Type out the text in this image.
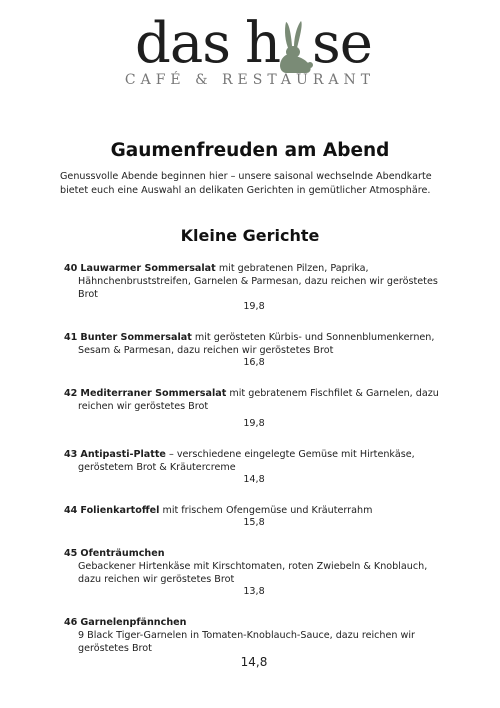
das h se
CAFÉ & RESTAURANT
Gaumenfreuden am Abend

Genussvolle Abende beginnen hier – unsere saisonal wechselnde Abendkarte bietet euch eine Auswahl an delikaten Gerichten in gemütlicher Atmosphäre.

Kleine Gerichte
40 Lauwarmer Sommersalat mit gebratenen Pilzen, Paprika, Hähnchenbruststreifen, Garnelen & Parmesan, dazu reichen wir geröstetes Brot
19,8
41 Bunter Sommersalat mit gerösteten Kürbis- und Sonnenblumenkernen, Sesam & Parmesan, dazu reichen wir geröstetes Brot
16,8
42 Mediterraner Sommersalat mit gebratenem Fischfilet & Garnelen, dazu reichen wir geröstetes Brot
19,8
43 Antipasti-Platte – verschiedene eingelegte Gemüse mit Hirtenkäse, geröstetem Brot & Kräutercreme
14,8
44 Folienkartoffel mit frischem Ofengemüse und Kräuterrahm
15,8
45 Ofenträumchen
Gebackener Hirtenkäse mit Kirschtomaten, roten Zwiebeln & Knoblauch, dazu reichen wir geröstetes Brot
13,8
46 Garnelenpfännchen
9 Black Tiger-Garnelen in Tomaten-Knoblauch-Sauce, dazu reichen wir geröstetes Brot
14,8
